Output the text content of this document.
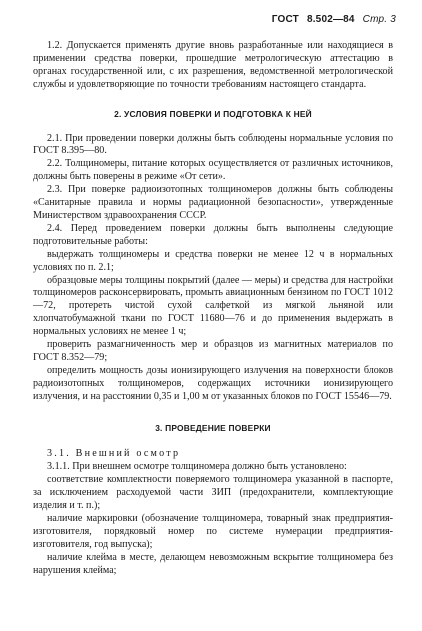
ГОСТ 8.502—84 Стр. 3

1.2. Допускается применять другие вновь разработанные или находящиеся в применении средства поверки, прошедшие метрологическую аттестацию в органах государственной или, с их разрешения, ведомственной метрологической службы и удовлетворяющие по точности требованиям настоящего стандарта.

2. УСЛОВИЯ ПОВЕРКИ И ПОДГОТОВКА К НЕЙ

2.1. При проведении поверки должны быть соблюдены нормальные условия по ГОСТ 8.395—80.

2.2. Толщиномеры, питание которых осуществляется от различных источников, должны быть поверены в режиме «От сети».

2.3. При поверке радиоизотопных толщиномеров должны быть соблюдены «Санитарные правила и нормы радиационной безопасности», утвержденные Министерством здравоохранения СССР.

2.4. Перед проведением поверки должны быть выполнены следующие подготовительные работы:

выдержать толщиномеры и средства поверки не менее 12 ч в нормальных условиях по п. 2.1;

образцовые меры толщины покрытий (далее — меры) и средства для настройки толщиномеров расконсервировать, промыть авиационным бензином по ГОСТ 1012—72, протереть чистой сухой салфеткой из мягкой льняной или хлопчатобумажной ткани по ГОСТ 11680—76 и до применения выдержать в нормальных условиях не менее 1 ч;

проверить размагниченность мер и образцов из магнитных материалов по ГОСТ 8.352—79;

определить мощность дозы ионизирующего излучения на поверхности блоков радиоизотопных толщиномеров, содержащих источники ионизирующего излучения, и на расстоянии 0,35 и 1,00 м от указанных блоков по ГОСТ 15546—79.

3. ПРОВЕДЕНИЕ ПОВЕРКИ

3.1. Внешний осмотр

3.1.1. При внешнем осмотре толщиномера должно быть установлено:

соответствие комплектности поверяемого толщиномера указанной в паспорте, за исключением расходуемой части ЗИП (предохранители, комплектующие изделия и т. п.);

наличие маркировки (обозначение толщиномера, товарный знак предприятия-изготовителя, порядковый номер по системе нумерации предприятия-изготовителя, год выпуска);

наличие клейма в месте, делающем невозможным вскрытие толщиномера без нарушения клейма;
